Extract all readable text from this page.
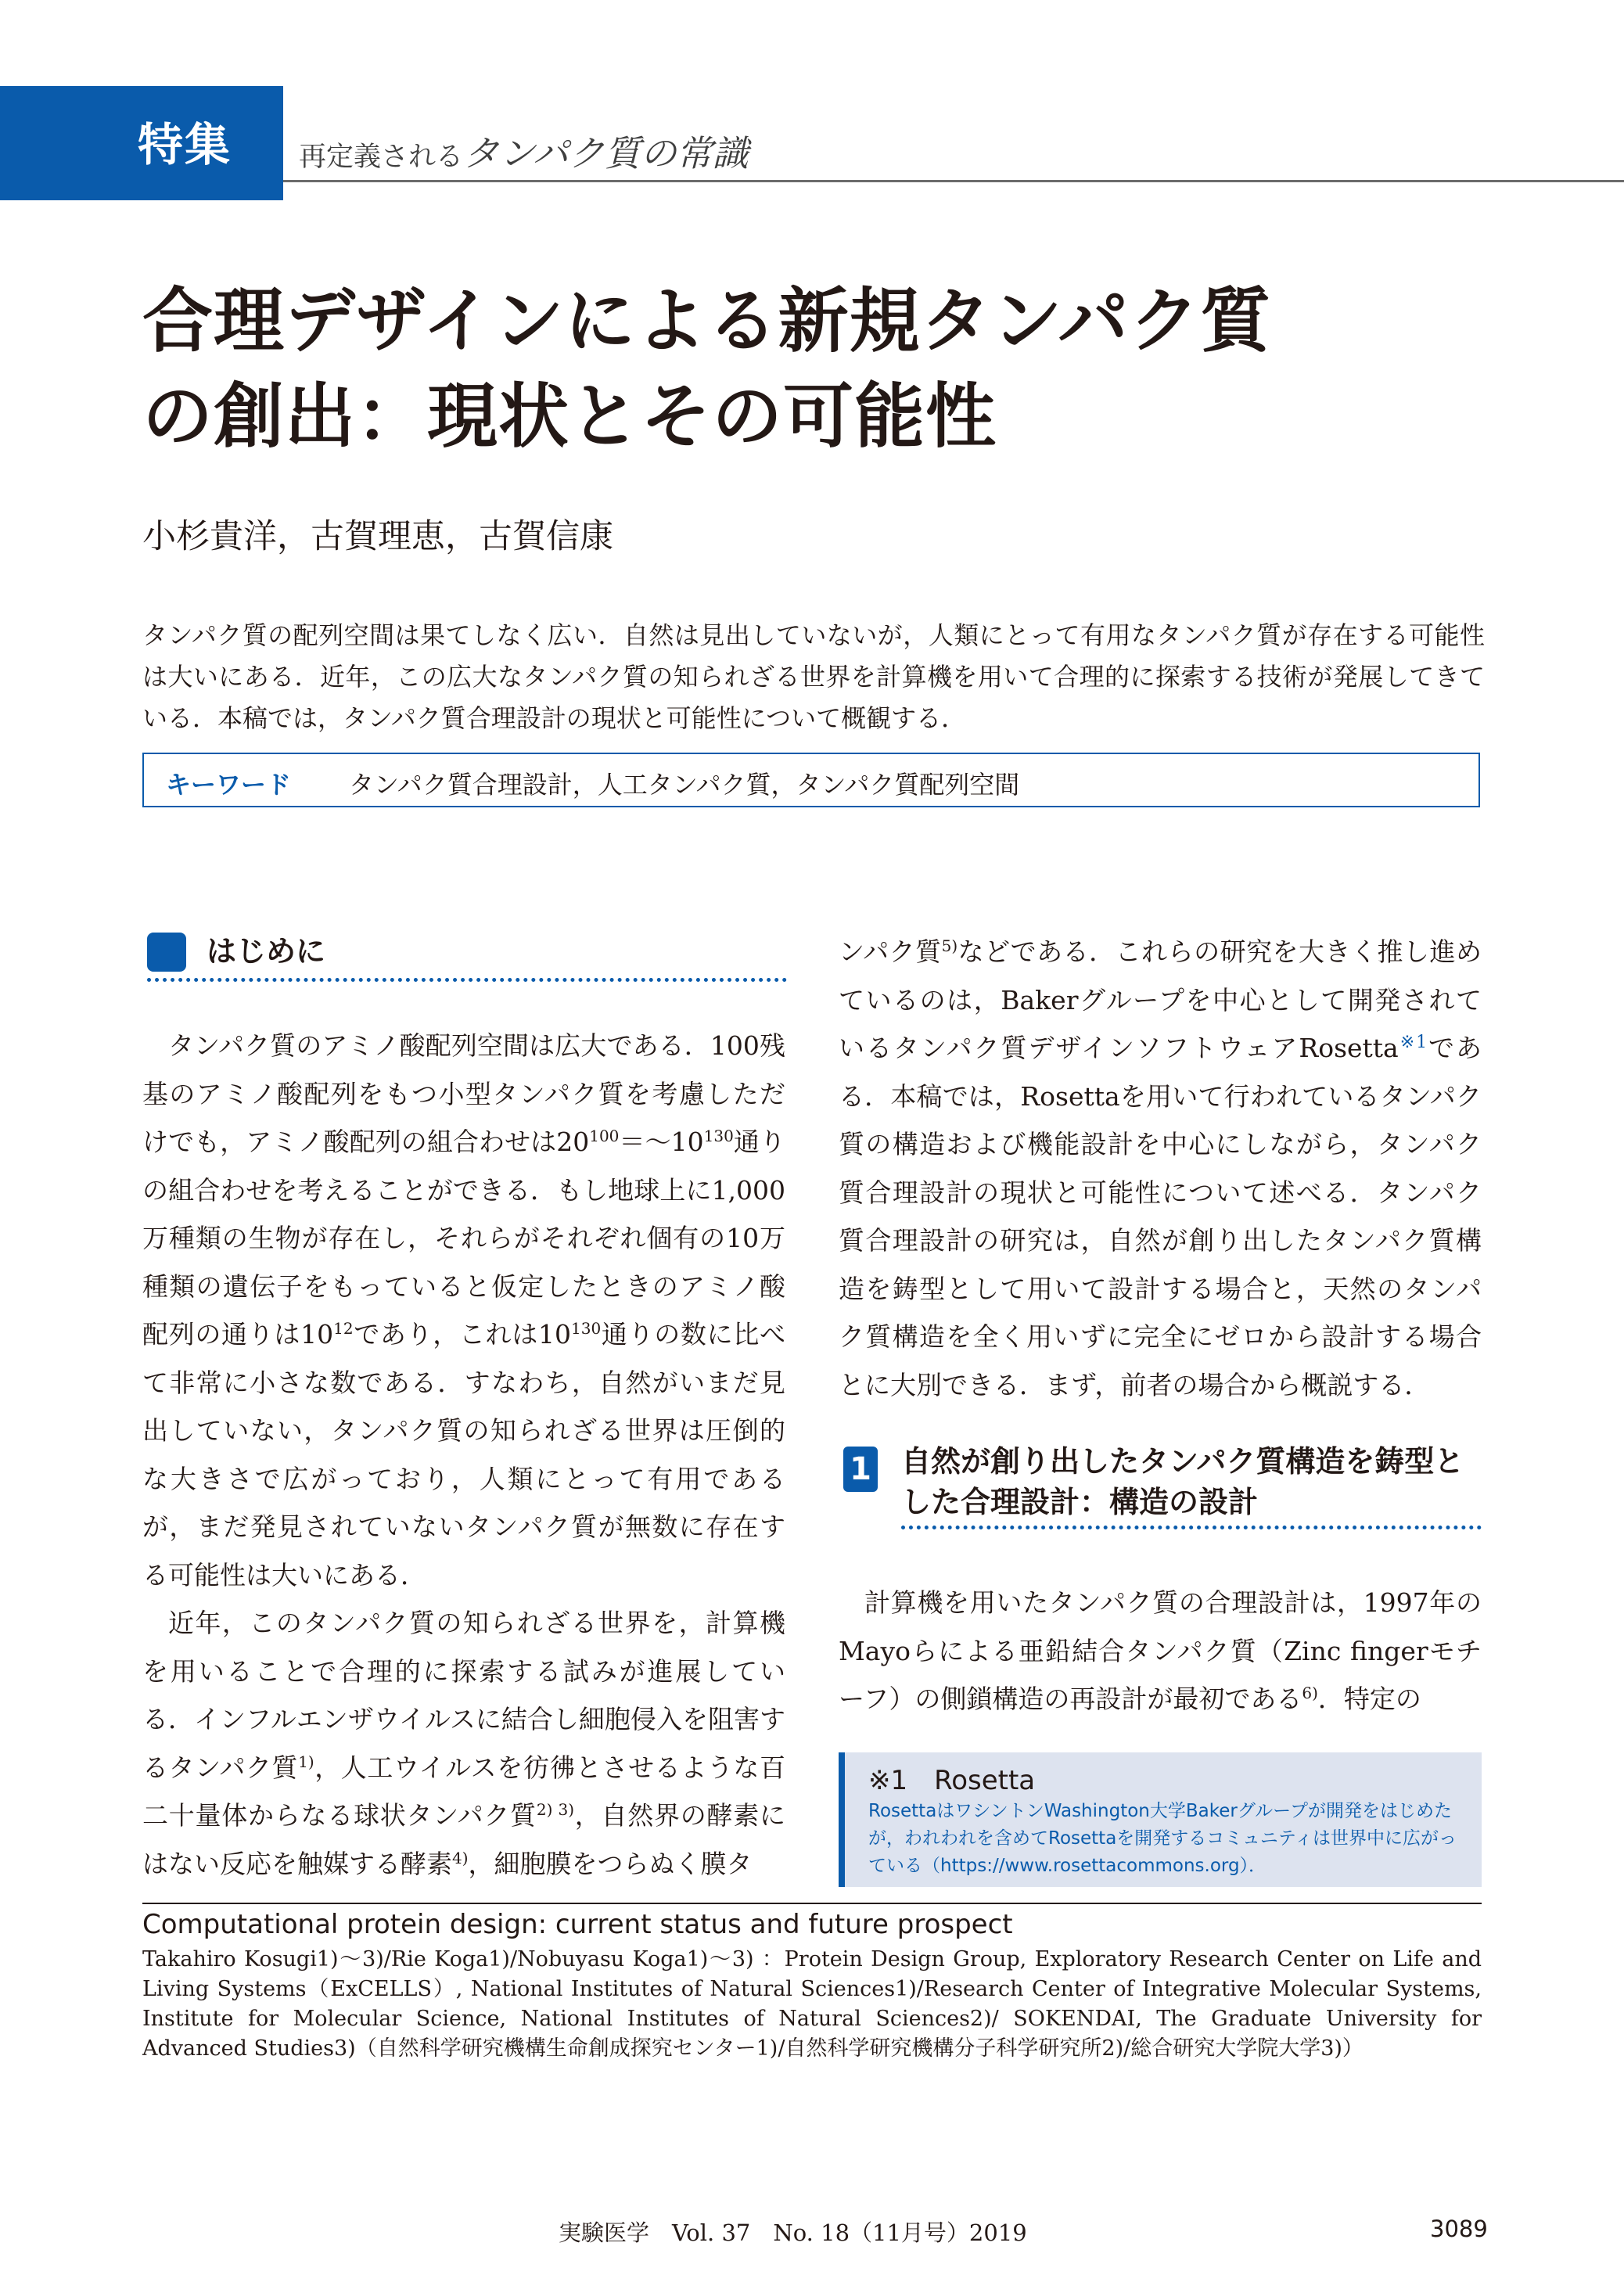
特集 再定義されるタンパク質の常識
合理デザインによる新規タンパク質
の創出：現状とその可能性
小杉貴洋，古賀理恵，古賀信康
タンパク質の配列空間は果てしなく広い．自然は見出していないが，人類にとって有用なタンパク質が存在する可能性は大いにある．近年，この広大なタンパク質の知られざる世界を計算機を用いて合理的に探索する技術が発展してきている．本稿では，タンパク質合理設計の現状と可能性について概観する．
キーワード タンパク質合理設計，人工タンパク質，タンパク質配列空間
はじめに

タンパク質のアミノ酸配列空間は広大である．100残基のアミノ酸配列をもつ小型タンパク質を考慮しただけでも，アミノ酸配列の組合わせは$20^{100}=$〜$10^{130}$通りの組合わせを考えることができる．もし地球上に1,000万種類の生物が存在し，それらがそれぞれ個有の10万種類の遺伝子をもっていると仮定したときのアミノ酸配列の通りは$10^{12}$であり，これは$10^{130}$通りの数に比べて非常に小さな数である．すなわち，自然がいまだ見出していない，タンパク質の知られざる世界は圧倒的な大きさで広がっており，人類にとって有用であるが，まだ発見されていないタンパク質が無数に存在する可能性は大いにある．

近年，このタンパク質の知られざる世界を，計算機を用いることで合理的に探索する試みが進展している．インフルエンザウイルスに結合し細胞侵入を阻害するタンパク質$^{1)}$，人工ウイルスを彷彿とさせるような百二十量体からなる球状タンパク質$^{2) 3)}$，自然界の酵素にはない反応を触媒する酵素$^{4)}$，細胞膜をつらぬく膜タ

ンパク質$^{5)}$などである．これらの研究を大きく推し進めているのは，Bakerグループを中心として開発されているタンパク質デザインソフトウェアRosetta$^{※1}$である．本稿では，Rosettaを用いて行われているタンパク質の構造および機能設計を中心にしながら，タンパク質合理設計の現状と可能性について述べる．タンパク質合理設計の研究は，自然が創り出したタンパク質構造を鋳型として用いて設計する場合と，天然のタンパク質構造を全く用いずに完全にゼロから設計する場合とに大別できる．まず，前者の場合から概説する．

1 自然が創り出したタンパク質構造を鋳型と
した合理設計：構造の設計

計算機を用いたタンパク質の合理設計は，1997年のMayoらによる亜鉛結合タンパク質（Zinc fingerモチーフ）の側鎖構造の再設計が最初である$^{6)}$．特定の

※1　Rosetta
RosettaはワシントンWashington大学Bakerグループが開発をはじめたが，われわれを含めてRosettaを開発するコミュニティは世界中に広がっている（https://www.rosettacommons.org）．
Computational protein design: current status and future prospect
Takahiro Kosugi1)〜3)/Rie Koga1)/Nobuyasu Koga1)〜3) ：Protein Design Group, Exploratory Research Center on Life and Living Systems（ExCELLS）, National Institutes of Natural Sciences1)/Research Center of Integrative Molecular Systems, Institute for Molecular Science, National Institutes of Natural Sciences2)/ SOKENDAI, The Graduate University for Advanced Studies3)（自然科学研究機構生命創成探究センター1)/自然科学研究機構分子科学研究所2)/総合研究大学院大学3)）
実験医学　Vol. 37　No. 18（11月号）2019	3089
